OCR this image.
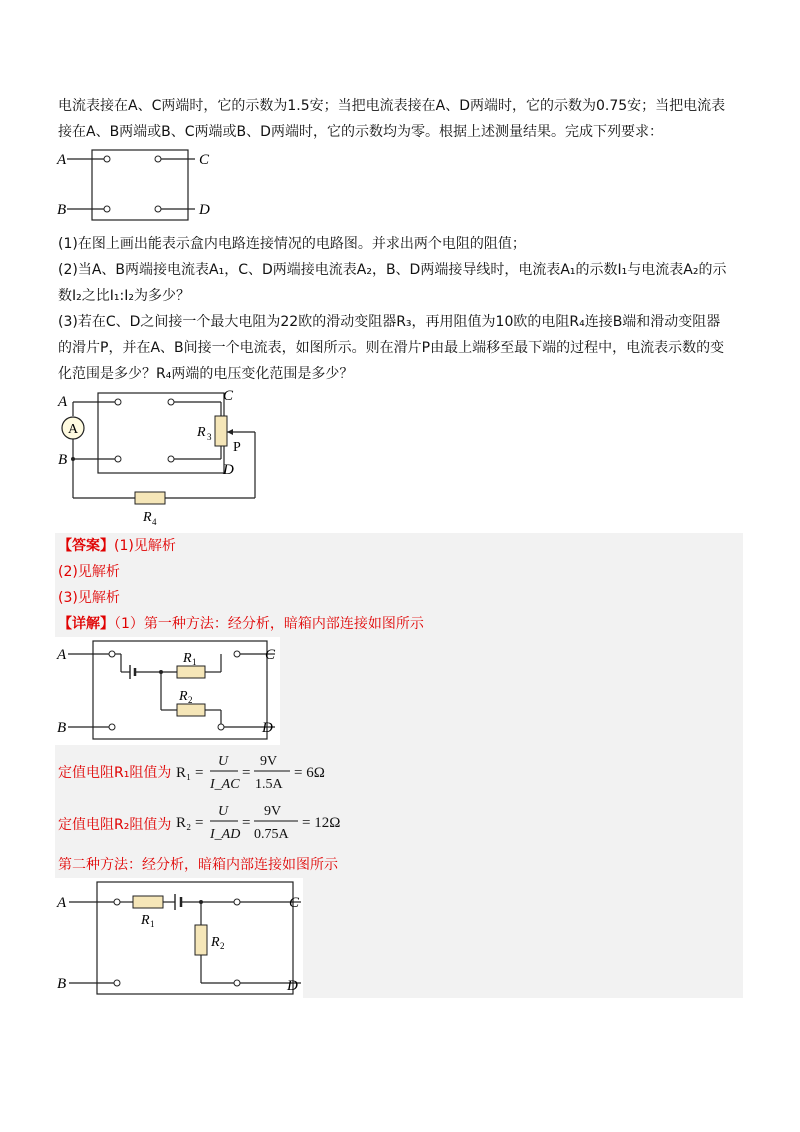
电流表接在A、C两端时，它的示数为1.5安；当把电流表接在A、D两端时，它的示数为0.75安；当把电流表
接在A、B两端或B、C两端或B、D两端时，它的示数均为零。根据上述测量结果。完成下列要求：
A
B
C
D
(1)在图上画出能表示盒内电路连接情况的电路图。并求出两个电阻的阻值；
(2)当A、B两端接电流表A₁，C、D两端接电流表A₂，B、D两端接导线时，电流表A₁的示数I₁与电流表A₂的示
数I₂之比I₁:I₂为多少？
(3)若在C、D之间接一个最大电阻为22欧的滑动变阻器R₃，再用阻值为10欧的电阻R₄连接B端和滑动变阻器
的滑片P，并在A、B间接一个电流表，如图所示。则在滑片P由最上端移至最下端的过程中，电流表示数的变
化范围是多少？R₄两端的电压变化范围是多少？
A
A
B
C
D
R 3
P
R 4
【答案】(1)见解析
(2)见解析
(3)见解析
【详解】（1）第一种方法：经分析，暗箱内部连接如图所示
A
B
C
D
R 1
R 2
定值电阻R₁阻值为 R₁ =
U
I_AC
=
9V
1.5A
= 6Ω
定值电阻R₂阻值为 R₂ =
U
I_AD
=
9V
0.75A
= 12Ω
第二种方法：经分析，暗箱内部连接如图所示
A
B
C
D
R 1
R 2
